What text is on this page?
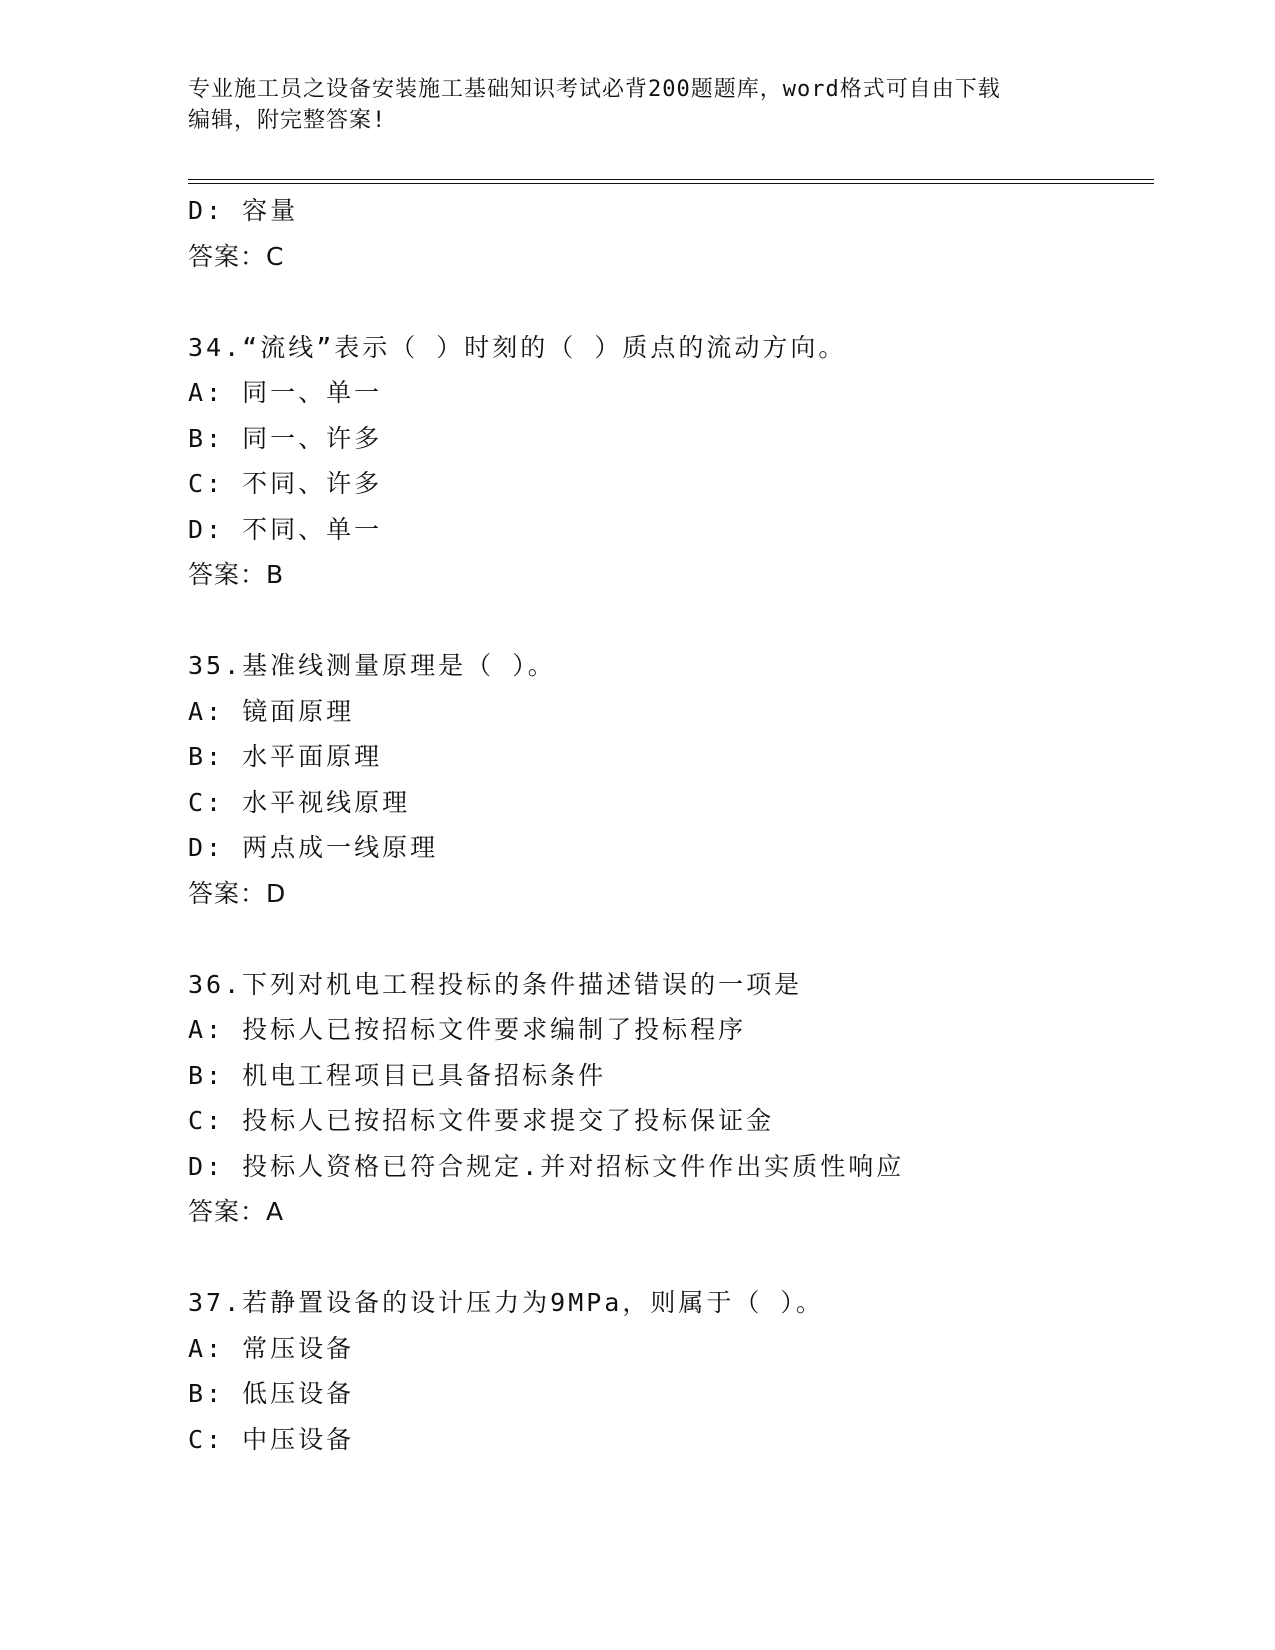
专业施工员之设备安装施工基础知识考试必背200题题库，word格式可自由下载
编辑，附完整答案!
D: 容量
答案：C
34.“流线”表示（ ）时刻的（ ）质点的流动方向。
A: 同一、单一
B: 同一、许多
C: 不同、许多
D: 不同、单一
答案：B
35.基准线测量原理是（ ）。
A: 镜面原理
B: 水平面原理
C: 水平视线原理
D: 两点成一线原理
答案：D
36.下列对机电工程投标的条件描述错误的一项是
A: 投标人已按招标文件要求编制了投标程序
B: 机电工程项目已具备招标条件
C: 投标人已按招标文件要求提交了投标保证金
D: 投标人资格已符合规定.并对招标文件作出实质性响应
答案：A
37.若静置设备的设计压力为9MPa，则属于（ ）。
A: 常压设备
B: 低压设备
C: 中压设备
